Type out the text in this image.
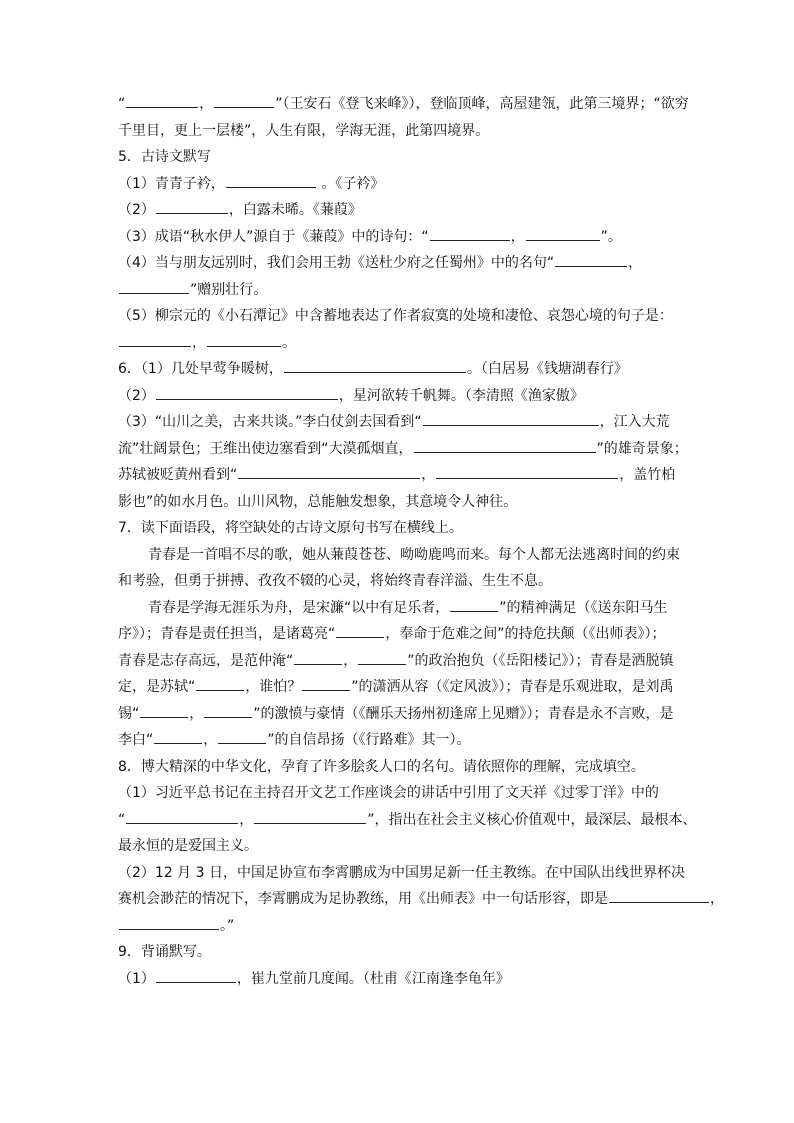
“	，	”（王安石《登飞来峰》），登临顶峰，高屋建瓴，此第三境界；“欲穷
千里目，更上一层楼”，人生有限，学海无涯，此第四境界。
5．古诗文默写
（1）青青子衿，	。《子衿》
（2）	，白露未晞。《蒹葭》
（3）成语“秋水伊人”源自于《蒹葭》中的诗句：“	，	”。
（4）当与朋友远别时，我们会用王勃《送杜少府之任蜀州》中的名句“	，
”赠别壮行。
（5）柳宗元的《小石潭记》中含蓄地表达了作者寂寞的处境和凄怆、哀怨心境的句子是：
，	。
6．（1）几处早莺争暖树，	。（白居易《钱塘湖春行》
（2）	，星河欲转千帆舞。（李清照《渔家傲》
（3）“山川之美，古来共谈。”李白仗剑去国看到“	，江入大荒
流”壮阔景色；王维出使边塞看到“大漠孤烟直，	”的雄奇景象；
苏轼被贬黄州看到“	，	，盖竹柏
影也”的如水月色。山川风物，总能触发想象，其意境令人神往。
7．读下面语段，将空缺处的古诗文原句书写在横线上。
青春是一首唱不尽的歌，她从蒹葭苍苍、呦呦鹿鸣而来。每个人都无法逃离时间的约束
和考验，但勇于拼搏、孜孜不辍的心灵，将始终青春洋溢、生生不息。
青春是学海无涯乐为舟，是宋濂“以中有足乐者，	”的精神满足（《送东阳马生
序》）；青春是责任担当，是诸葛亮“	，奉命于危难之间”的持危扶颠（《出师表》）；
青春是志存高远，是范仲淹“	，	”的政治抱负（《岳阳楼记》）；青春是洒脱镇
定，是苏轼“	，谁怕？	”的潇洒从容（《定风波》）；青春是乐观进取，是刘禹
锡“	，	”的激愤与豪情（《酬乐天扬州初逢席上见赠》）；青春是永不言败，是
李白“	，	”的自信昂扬（《行路难》其一）。
8．博大精深的中华文化，孕育了许多脍炙人口的名句。请依照你的理解，完成填空。
（1）习近平总书记在主持召开文艺工作座谈会的讲话中引用了文天祥《过零丁洋》中的
“	，	”，指出在社会主义核心价值观中，最深层、最根本、
最永恒的是爱国主义。
（2）12 月 3 日，中国足协宣布李霄鹏成为中国男足新一任主教练。在中国队出线世界杯决
赛机会渺茫的情况下，李霄鹏成为足协教练，用《出师表》中一句话形容，即是	，
。”
9．背诵默写。
（1）	，崔九堂前几度闻。（杜甫《江南逢李龟年》
